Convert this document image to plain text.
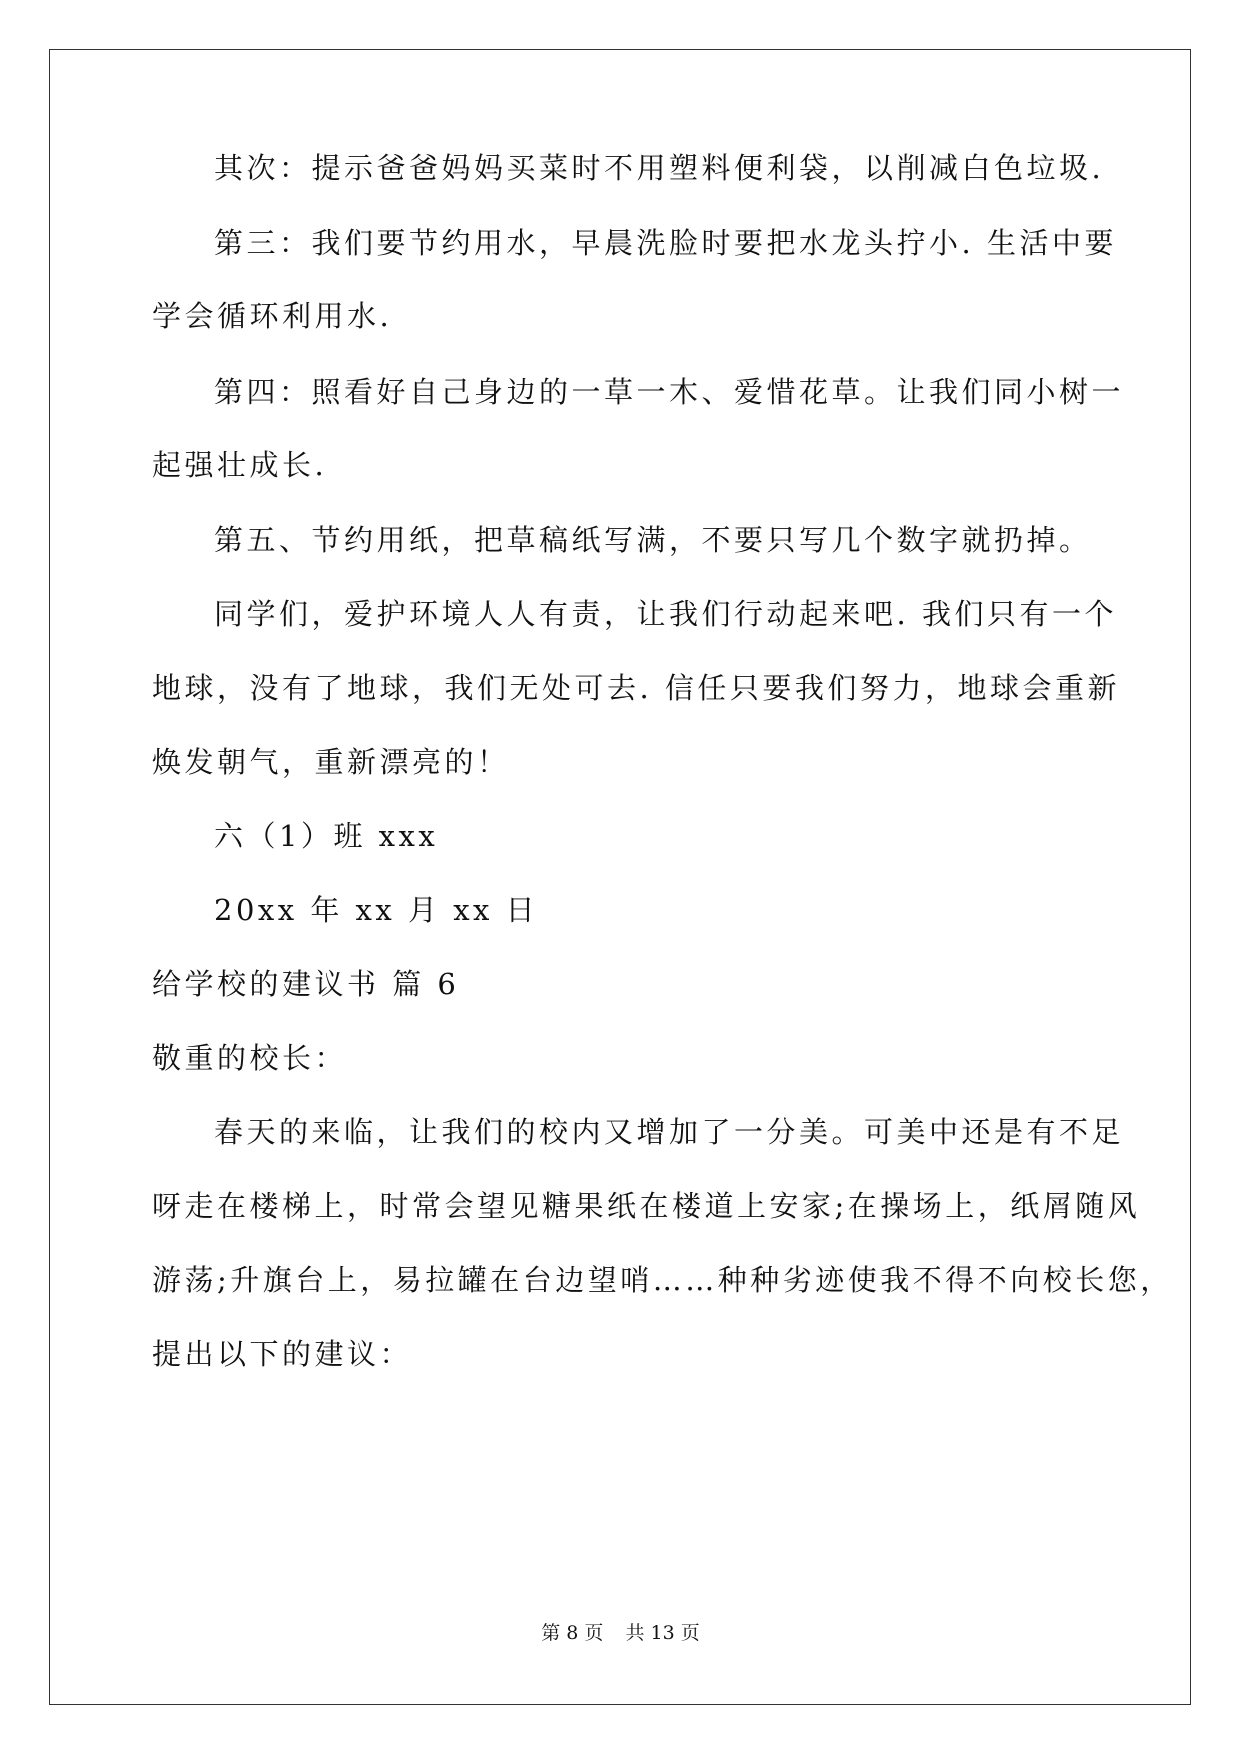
其次：提示爸爸妈妈买菜时不用塑料便利袋，以削减白色垃圾.
第三：我们要节约用水，早晨洗脸时要把水龙头拧小. 生活中要
学会循环利用水.
第四：照看好自己身边的一草一木、爱惜花草。让我们同小树一
起强壮成长.
第五、节约用纸，把草稿纸写满，不要只写几个数字就扔掉。
同学们，爱护环境人人有责，让我们行动起来吧. 我们只有一个
地球，没有了地球，我们无处可去. 信任只要我们努力，地球会重新
焕发朝气，重新漂亮的！
六（1）班 xxx
20xx 年 xx 月 xx 日
给学校的建议书 篇 6
敬重的校长：
春天的来临，让我们的校内又增加了一分美。可美中还是有不足
呀走在楼梯上，时常会望见糖果纸在楼道上安家;在操场上，纸屑随风
游荡;升旗台上，易拉罐在台边望哨……种种劣迹使我不得不向校长您，
提出以下的建议：
第 8 页 共 13 页
